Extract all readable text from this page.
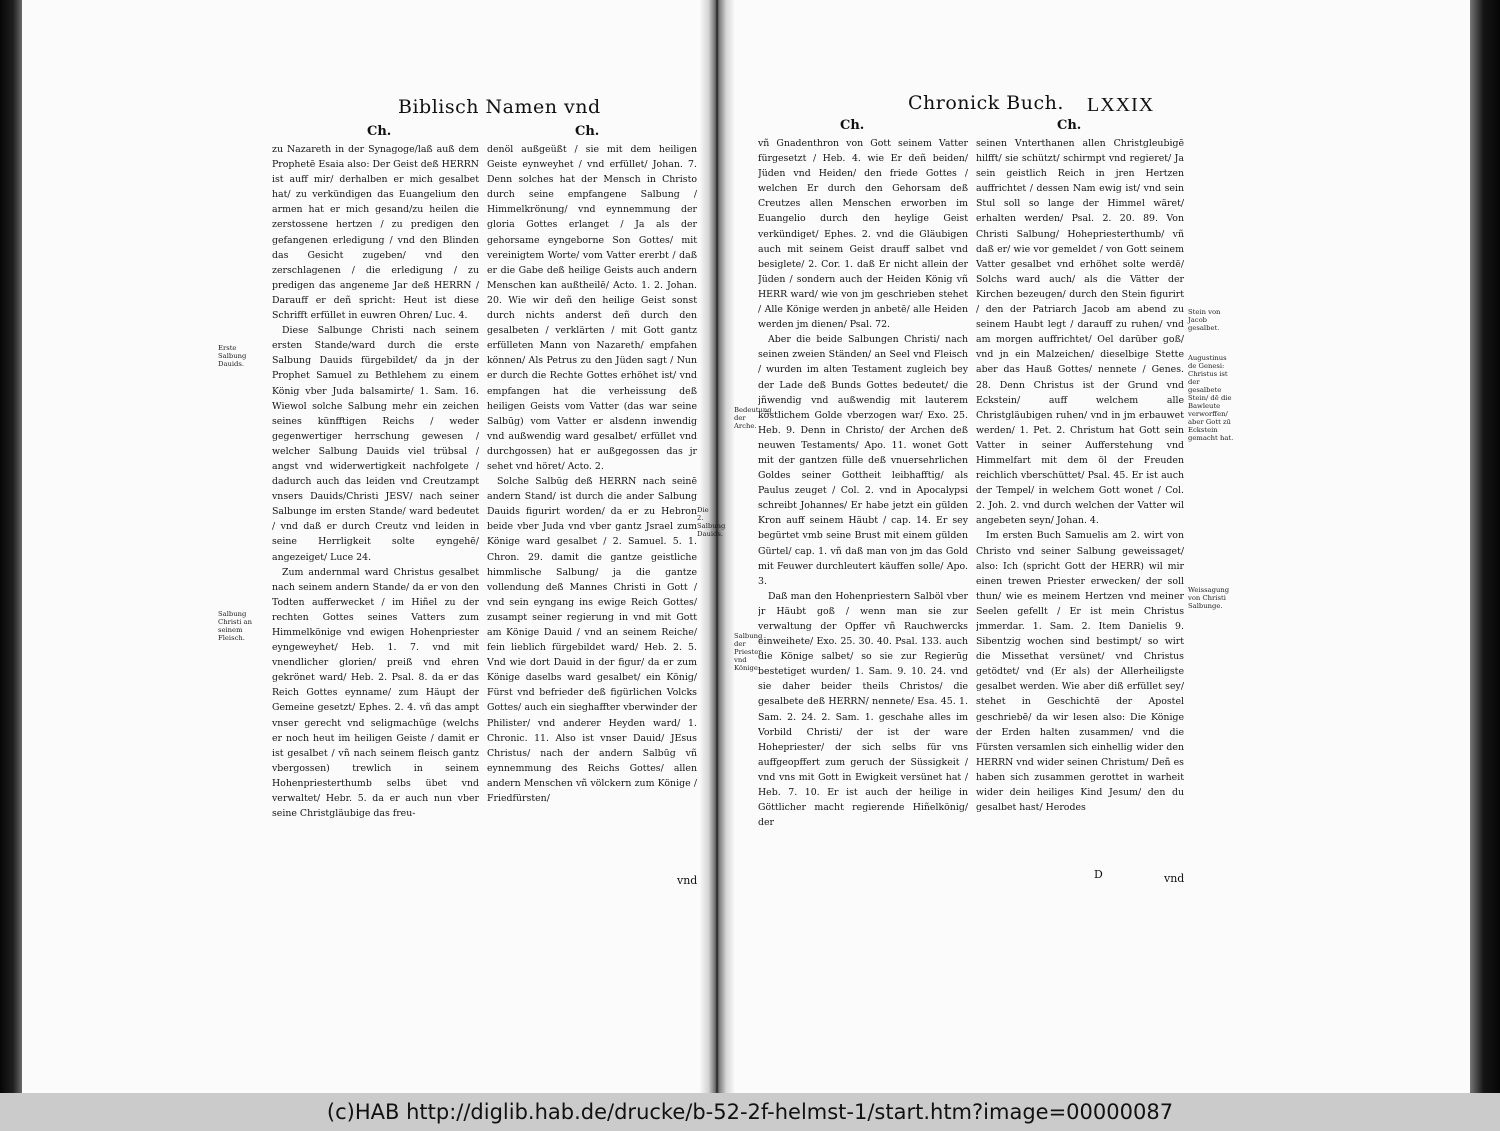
Biblisch Namen vnd
Ch.	Ch.

zu Nazareth in der Synagoge/laß auß dem Prophetē Esaia also: Der Geist deß HERRN ist auff mir/ derhalben er mich gesalbet hat/ zu verkündigen das Euangelium den armen hat er mich gesand/zu heilen die zerstossene hertzen / zu predigen den gefangenen erledigung / vnd den Blinden das Gesicht zugeben/ vnd den zerschlagenen / die erledigung / zu predigen das angeneme Jar deß HERRN / Darauff er deñ spricht: Heut ist diese Schrifft erfüllet in euwren Ohren/ Luc. 4.

Diese Salbunge Christi nach seinem ersten Stande/ward durch die erste Salbung Dauids fürgebildet/ da jn der Prophet Samuel zu Bethlehem zu einem König vber Juda balsamirte/ 1. Sam. 16. Wiewol solche Salbung mehr ein zeichen seines künfftigen Reichs / weder gegenwertiger herrschung gewesen / welcher Salbung Dauids viel trübsal / angst vnd widerwertigkeit nachfolgete / dadurch auch das leiden vnd Creutzampt vnsers Dauids/Christi JESV/ nach seiner Salbunge im ersten Stande/ ward bedeutet / vnd daß er durch Creutz vnd leiden in seine Herrligkeit solte eyngehē/ angezeiget/ Luce 24.

Zum andernmal ward Christus gesalbet nach seinem andern Stande/ da er von den Todten aufferwecket / im Hiñel zu der rechten Gottes seines Vatters zum Himmelkönige vnd ewigen Hohenpriester eyngeweyhet/ Heb. 1. 7. vnd mit vnendlicher glorien/ preiß vnd ehren gekrönet ward/ Heb. 2. Psal. 8. da er das Reich Gottes eynname/ zum Häupt der Gemeine gesetzt/ Ephes. 2. 4. vñ das ampt vnser gerecht vnd seligmachūge (welchs er noch heut im heiligen Geiste / damit er ist gesalbet / vñ nach seinem fleisch gantz vbergossen) trewlich in seinem Hohenpriesterthumb selbs übet vnd verwaltet/ Hebr. 5. da er auch nun vber seine Christgläubige das freu-

denöl außgeüßt / sie mit dem heiligen Geiste eynweyhet / vnd erfüllet/ Johan. 7. Denn solches hat der Mensch in Christo durch seine empfangene Salbung / Himmelkrönung/ vnd eynnemmung der gloria Gottes erlanget / Ja als der gehorsame eyngeborne Son Gottes/ mit vereinigtem Worte/ vom Vatter ererbt / daß er die Gabe deß heilige Geists auch andern Menschen kan außtheilē/ Acto. 1. 2. Johan. 20. Wie wir deñ den heilige Geist sonst durch nichts anderst deñ durch den gesalbeten / verklärten / mit Gott gantz erfülleten Mann von Nazareth/ empfahen können/ Als Petrus zu den Jüden sagt / Nun er durch die Rechte Gottes erhöhet ist/ vnd empfangen hat die verheissung deß heiligen Geists vom Vatter (das war seine Salbūg) vom Vatter er alsdenn inwendig vnd außwendig ward gesalbet/ erfüllet vnd durchgossen) hat er außgegossen das jr sehet vnd höret/ Acto. 2.

Solche Salbūg deß HERRN nach seinē andern Stand/ ist durch die ander Salbung Dauids figurirt worden/ da er zu Hebron beide vber Juda vnd vber gantz Jsrael zum Könige ward gesalbet / 2. Samuel. 5. 1. Chron. 29. damit die gantze geistliche himmlische Salbung/ ja die gantze vollendung deß Mannes Christi in Gott / vnd sein eyngang ins ewige Reich Gottes/ zusampt seiner regierung in vnd mit Gott am Könige Dauid / vnd an seinem Reiche/ fein lieblich fürgebildet ward/ Heb. 2. 5. Vnd wie dort Dauid in der figur/ da er zum Könige daselbs ward gesalbet/ ein König/ Fürst vnd befrieder deß figürlichen Volcks Gottes/ auch ein sieghaffter vberwinder der Philister/ vnd anderer Heyden ward/ 1. Chronic. 11. Also ist vnser Dauid/ JEsus Christus/ nach der andern Salbūg vñ eynnemmung des Reichs Gottes/ allen andern Menschen vñ völckern zum Könige / Friedfürsten/

Erste Salbung Dauids.
Salbung Christi an seinem Fleisch.
Die 2. Salbung Dauids.
vnd
Chronick Buch. LXXIX
Ch.	Ch.

vñ Gnadenthron von Gott seinem Vatter fürgesetzt / Heb. 4. wie Er deñ beiden/ Jüden vnd Heiden/ den friede Gottes / welchen Er durch den Gehorsam deß Creutzes allen Menschen erworben im Euangelio durch den heylige Geist verkündiget/ Ephes. 2. vnd die Gläubigen auch mit seinem Geist drauff salbet vnd besiglete/ 2. Cor. 1. daß Er nicht allein der Jüden / sondern auch der Heiden König vñ HERR ward/ wie von jm geschrieben stehet / Alle Könige werden jn anbetē/ alle Heiden werden jm dienen/ Psal. 72.

Aber die beide Salbungen Christi/ nach seinen zweien Ständen/ an Seel vnd Fleisch / wurden im alten Testament zugleich bey der Lade deß Bunds Gottes bedeutet/ die jñwendig vnd außwendig mit lauterem köstlichem Golde vberzogen war/ Exo. 25. Heb. 9. Denn in Christo/ der Archen deß neuwen Testaments/ Apo. 11. wonet Gott mit der gantzen fülle deß vnuersehrlichen Goldes seiner Gottheit leibhafftig/ als Paulus zeuget / Col. 2. vnd in Apocalypsi schreibt Johannes/ Er habe jetzt ein gülden Kron auff seinem Häubt / cap. 14. Er sey begürtet vmb seine Brust mit einem gülden Gürtel/ cap. 1. vñ daß man von jm das Gold mit Feuwer durchleutert käuffen solle/ Apo. 3.

Daß man den Hohenpriestern Salböl vber jr Häubt goß / wenn man sie zur verwaltung der Opffer vñ Rauchwercks einweihete/ Exo. 25. 30. 40. Psal. 133. auch die Könige salbet/ so sie zur Regierūg bestetiget wurden/ 1. Sam. 9. 10. 24. vnd sie daher beider theils Christos/ die gesalbete deß HERRN/ nennete/ Esa. 45. 1. Sam. 2. 24. 2. Sam. 1. geschahe alles im Vorbild Christi/ der ist der ware Hohepriester/ der sich selbs für vns auffgeopffert zum geruch der Süssigkeit / vnd vns mit Gott in Ewigkeit versünet hat / Heb. 7. 10. Er ist auch der heilige in Göttlicher macht regierende Hiñelkönig/ der

seinen Vnterthanen allen Christgleubigē hilfft/ sie schützt/ schirmpt vnd regieret/ Ja sein geistlich Reich in jren Hertzen auffrichtet / dessen Nam ewig ist/ vnd sein Stul soll so lange der Himmel wäret/ erhalten werden/ Psal. 2. 20. 89. Von Christi Salbung/ Hohepriesterthumb/ vñ daß er/ wie vor gemeldet / von Gott seinem Vatter gesalbet vnd erhöhet solte werdē/ Solchs ward auch/ als die Vätter der Kirchen bezeugen/ durch den Stein figurirt / den der Patriarch Jacob am abend zu seinem Haubt legt / darauff zu ruhen/ vnd am morgen auffrichtet/ Oel darüber goß/ vnd jn ein Malzeichen/ dieselbige Stette aber das Hauß Gottes/ nennete / Genes. 28. Denn Christus ist der Grund vnd Eckstein/ auff welchem alle Christgläubigen ruhen/ vnd in jm erbauwet werden/ 1. Pet. 2. Christum hat Gott sein Vatter in seiner Aufferstehung vnd Himmelfart mit dem öl der Freuden reichlich vberschüttet/ Psal. 45. Er ist auch der Tempel/ in welchem Gott wonet / Col. 2. Joh. 2. vnd durch welchen der Vatter wil angebeten seyn/ Johan. 4.

Im ersten Buch Samuelis am 2. wirt von Christo vnd seiner Salbung geweissaget/ also: Ich (spricht Gott der HERR) wil mir einen trewen Priester erwecken/ der soll thun/ wie es meinem Hertzen vnd meiner Seelen gefellt / Er ist mein Christus jmmerdar. 1. Sam. 2. Item Danielis 9. Sibentzig wochen sind bestimpt/ so wirt die Missethat versünet/ vnd Christus getödtet/ vnd (Er als) der Allerheiligste gesalbet werden. Wie aber diß erfüllet sey/ stehet in Geschichtē der Apostel geschriebē/ da wir lesen also: Die Könige der Erden halten zusammen/ vnd die Fürsten versamlen sich einhellig wider den HERRN vnd wider seinen Christum/ Deñ es haben sich zusammen gerottet in warheit wider dein heiliges Kind Jesum/ den du gesalbet hast/ Herodes

Bedeutung der Arche.
Salbung der Priester vnd Könige.
Stein von Jacob gesalbet.
Augustinus de Genesi: Christus ist der gesalbete Stein/ dē die Bawleute verworffen/ aber Gott zū Eckstein gemacht hat.
Weissagung von Christi Salbunge.
D	vnd
(c)HAB http://diglib.hab.de/drucke/b-52-2f-helmst-1/start.htm?image=00000087
